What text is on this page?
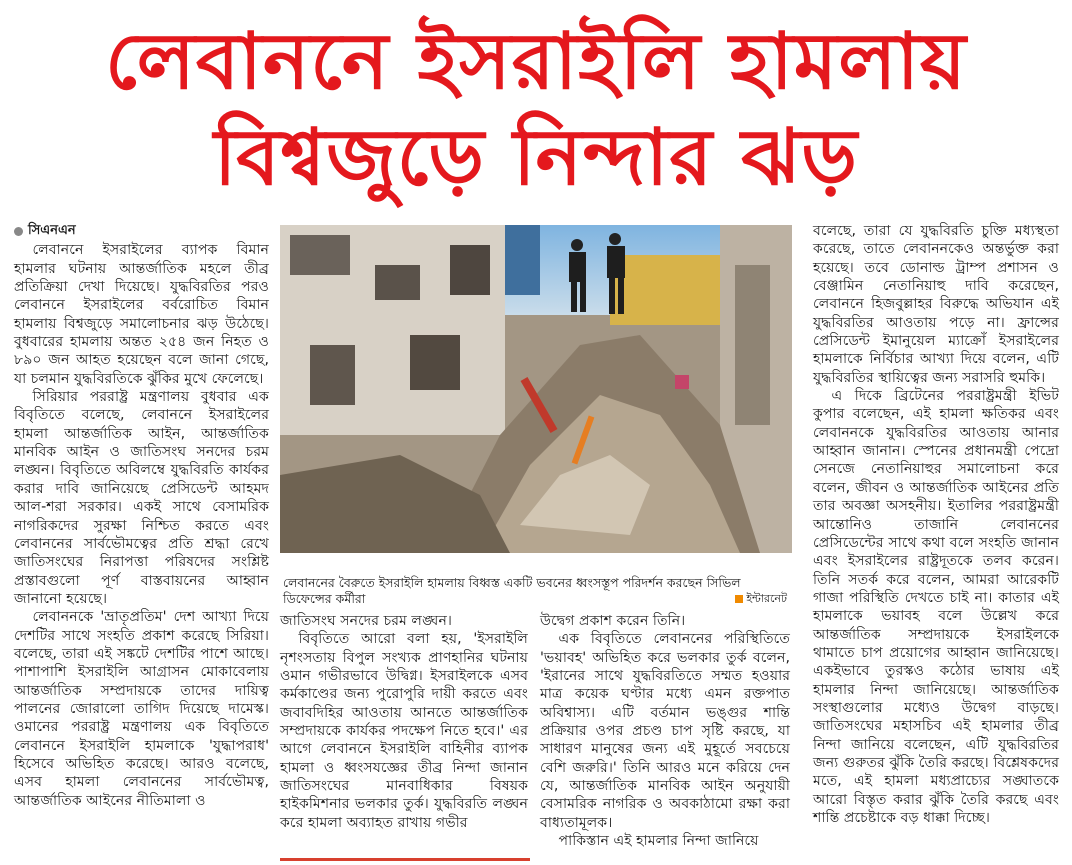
লেবাননে ইসরাইলি হামলায়
বিশ্বজুড়ে নিন্দার ঝড়
সিএনএন

লেবাননে ইসরাইলের ব্যাপক বিমান হামলার ঘটনায় আন্তর্জাতিক মহলে তীব্র প্রতিক্রিয়া দেখা দিয়েছে। যুদ্ধবিরতির পরও লেবাননে ইসরাইলের বর্বরোচিত বিমান হামলায় বিশ্বজুড়ে সমালোচনার ঝড় উঠেছে। বুধবারের হামলায় অন্তত ২৫৪ জন নিহত ও ৮৯০ জন আহত হয়েছেন বলে জানা গেছে, যা চলমান যুদ্ধবিরতিকে ঝুঁকির মুখে ফেলেছে।

সিরিয়ার পররাষ্ট্র মন্ত্রণালয় বুধবার এক বিবৃতিতে বলেছে, লেবাননে ইসরাইলের হামলা আন্তর্জাতিক আইন, আন্তর্জাতিক মানবিক আইন ও জাতিসংঘ সনদের চরম লঙ্ঘন। বিবৃতিতে অবিলম্বে যুদ্ধবিরতি কার্যকর করার দাবি জানিয়েছে প্রেসিডেন্ট আহমদ আল-শরা সরকার। একই সাথে বেসামরিক নাগরিকদের সুরক্ষা নিশ্চিত করতে এবং লেবাননের সার্বভৌমত্বের প্রতি শ্রদ্ধা রেখে জাতিসংঘের নিরাপত্তা পরিষদের সংশ্লিষ্ট প্রস্তাবগুলো পূর্ণ বাস্তবায়নের আহ্বান জানানো হয়েছে।

লেবাননকে 'ভ্রাতৃপ্রতিম' দেশ আখ্যা দিয়ে দেশটির সাথে সংহতি প্রকাশ করেছে সিরিয়া। বলেছে, তারা এই সঙ্কটে দেশটির পাশে আছে। পাশাপাশি ইসরাইলি আগ্রাসন মোকাবেলায় আন্তর্জাতিক সম্প্রদায়কে তাদের দায়িত্ব পালনের জোরালো তাগিদ দিয়েছে দামেস্ক। ওমানের পররাষ্ট্র মন্ত্রণালয় এক বিবৃতিতে লেবাননে ইসরাইলি হামলাকে 'যুদ্ধাপরাধ' হিসেবে অভিহিত করেছে। আরও বলেছে, এসব হামলা লেবাননের সার্বভৌমত্ব, আন্তর্জাতিক আইনের নীতিমালা ও

লেবাননের বৈরুতে ইসরাইলি হামলায় বিধ্বস্ত একটি ভবনের ধ্বংসস্তূপ পরিদর্শন করছেন সিভিল ডিফেন্সের কর্মীরা	ইন্টারনেট

জাতিসংঘ সনদের চরম লঙ্ঘন।

বিবৃতিতে আরো বলা হয়, 'ইসরাইলি নৃশংসতায় বিপুল সংখ্যক প্রাণহানির ঘটনায় ওমান গভীরভাবে উদ্বিগ্ন। ইসরাইলকে এসব কর্মকাণ্ডের জন্য পুরোপুরি দায়ী করতে এবং জবাবদিহির আওতায় আনতে আন্তর্জাতিক সম্প্রদায়কে কার্যকর পদক্ষেপ নিতে হবে।' এর আগে লেবাননে ইসরাইলি বাহিনীর ব্যাপক হামলা ও ধ্বংসযজ্ঞের তীব্র নিন্দা জানান জাতিসংঘের মানবাধিকার বিষয়ক হাইকমিশনার ভলকার তুর্ক। যুদ্ধবিরতি লঙ্ঘন করে হামলা অব্যাহত রাখায় গভীর

উদ্বেগ প্রকাশ করেন তিনি।

এক বিবৃতিতে লেবাননের পরিস্থিতিতে 'ভয়াবহ' অভিহিত করে ভলকার তুর্ক বলেন, 'ইরানের সাথে যুদ্ধবিরতিতে সম্মত হওয়ার মাত্র কয়েক ঘণ্টার মধ্যে এমন রক্তপাত অবিশ্বাস্য। এটি বর্তমান ভঙ্গুর শান্তি প্রক্রিয়ার ওপর প্রচণ্ড চাপ সৃষ্টি করছে, যা সাধারণ মানুষের জন্য এই মুহূর্তে সবচেয়ে বেশি জরুরি।' তিনি আরও মনে করিয়ে দেন যে, আন্তর্জাতিক মানবিক আইন অনুযায়ী বেসামরিক নাগরিক ও অবকাঠামো রক্ষা করা বাধ্যতামূলক।

পাকিস্তান এই হামলার নিন্দা জানিয়ে

বলেছে, তারা যে যুদ্ধবিরতি চুক্তি মধ্যস্থতা করেছে, তাতে লেবাননকেও অন্তর্ভুক্ত করা হয়েছে। তবে ডোনাল্ড ট্রাম্প প্রশাসন ও বেঞ্জামিন নেতানিয়াহু দাবি করেছেন, লেবাননে হিজবুল্লাহর বিরুদ্ধে অভিযান এই যুদ্ধবিরতির আওতায় পড়ে না। ফ্রান্সের প্রেসিডেন্ট ইমানুয়েল ম্যাক্রোঁ ইসরাইলের হামলাকে নির্বিচার আখ্যা দিয়ে বলেন, এটি যুদ্ধবিরতির স্থায়িত্বের জন্য সরাসরি হুমকি।

এ দিকে ব্রিটেনের পররাষ্ট্রমন্ত্রী ইভিট কুপার বলেছেন, এই হামলা ক্ষতিকর এবং লেবাননকে যুদ্ধবিরতির আওতায় আনার আহ্বান জানান। স্পেনের প্রধানমন্ত্রী পেদ্রো সেনজে নেতানিয়াহুর সমালোচনা করে বলেন, জীবন ও আন্তর্জাতিক আইনের প্রতি তার অবজ্ঞা অসহনীয়। ইতালির পররাষ্ট্রমন্ত্রী আন্তোনিও তাজানি লেবাননের প্রেসিডেন্টের সাথে কথা বলে সংহতি জানান এবং ইসরাইলের রাষ্ট্রদূতকে তলব করেন। তিনি সতর্ক করে বলেন, আমরা আরেকটি গাজা পরিস্থিতি দেখতে চাই না। কাতার এই হামলাকে ভয়াবহ বলে উল্লেখ করে আন্তর্জাতিক সম্প্রদায়কে ইসরাইলকে থামাতে চাপ প্রয়োগের আহ্বান জানিয়েছে। একইভাবে তুরস্কও কঠোর ভাষায় এই হামলার নিন্দা জানিয়েছে। আন্তর্জাতিক সংস্থাগুলোর মধ্যেও উদ্বেগ বাড়ছে। জাতিসংঘের মহাসচিব এই হামলার তীব্র নিন্দা জানিয়ে বলেছেন, এটি যুদ্ধবিরতির জন্য গুরুতর ঝুঁকি তৈরি করছে। বিশ্লেষকদের মতে, এই হামলা মধ্যপ্রাচ্যের সঙ্ঘাতকে আরো বিস্তৃত করার ঝুঁকি তৈরি করছে এবং শান্তি প্রচেষ্টাকে বড় ধাক্কা দিচ্ছে।
